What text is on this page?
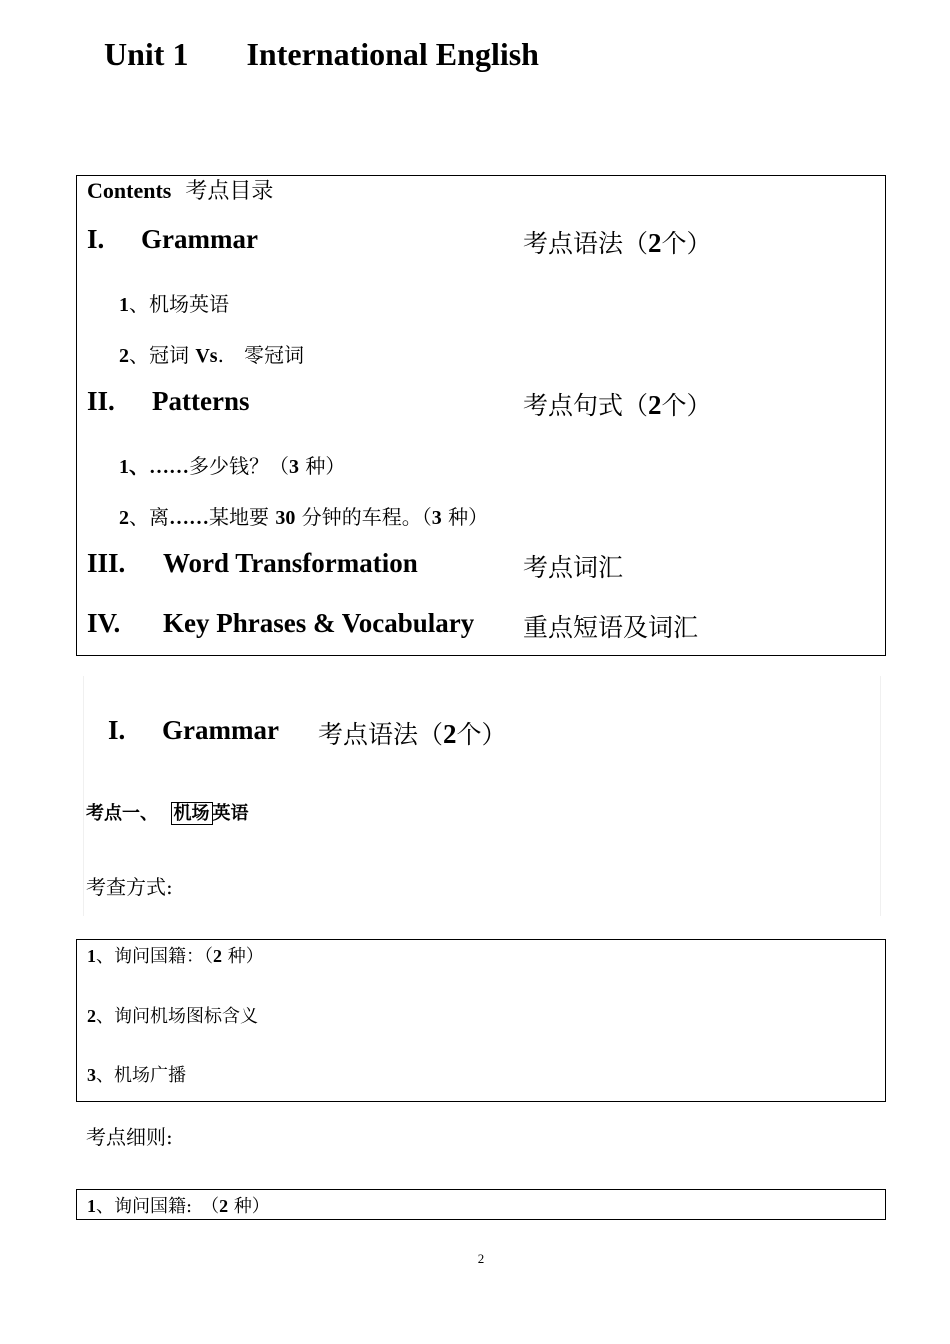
Unit 1 International English
Contents 考点目录
I. Grammar	考点语法（2个）
1、机场英语
2、冠词 Vs.　零冠词
II. Patterns	考点句式（2个）
1、……多少钱？（3 种）
2、离……某地要 30 分钟的车程。（3 种）
III. Word Transformation	考点词汇
IV. Key Phrases & Vocabulary 重点短语及词汇
I. Grammar 考点语法（2个）
考点一、 机场 英语
考查方式:
1、询问国籍：（2 种）
2、询问机场图标含义
3、机场广播
考点细则:
1、询问国籍:　（2 种）
2
